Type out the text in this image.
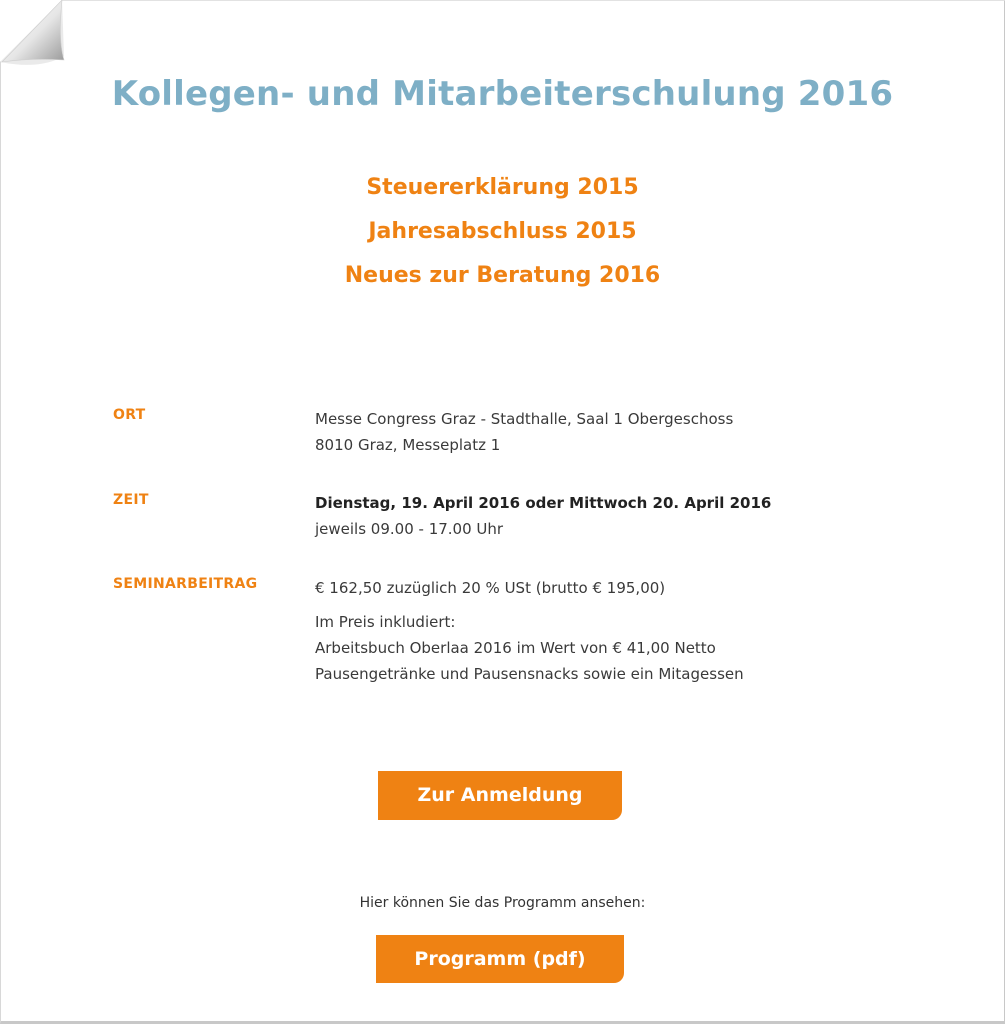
Kollegen- und Mitarbeiterschulung 2016
Steuererklärung 2015
Jahresabschluss 2015
Neues zur Beratung 2016
ORT	Messe Congress Graz - Stadthalle, Saal 1 Obergeschoss
8010 Graz, Messeplatz 1
ZEIT	Dienstag, 19. April 2016 oder Mittwoch 20. April 2016
jeweils 09.00 - 17.00 Uhr
SEMINARBEITRAG	€ 162,50 zuzüglich 20 % USt (brutto € 195,00)
Im Preis inkludiert:
Arbeitsbuch Oberlaa 2016 im Wert von € 41,00 Netto
Pausengetränke und Pausensnacks sowie ein Mitagessen
Zur Anmeldung
Hier können Sie das Programm ansehen:
Programm (pdf)
